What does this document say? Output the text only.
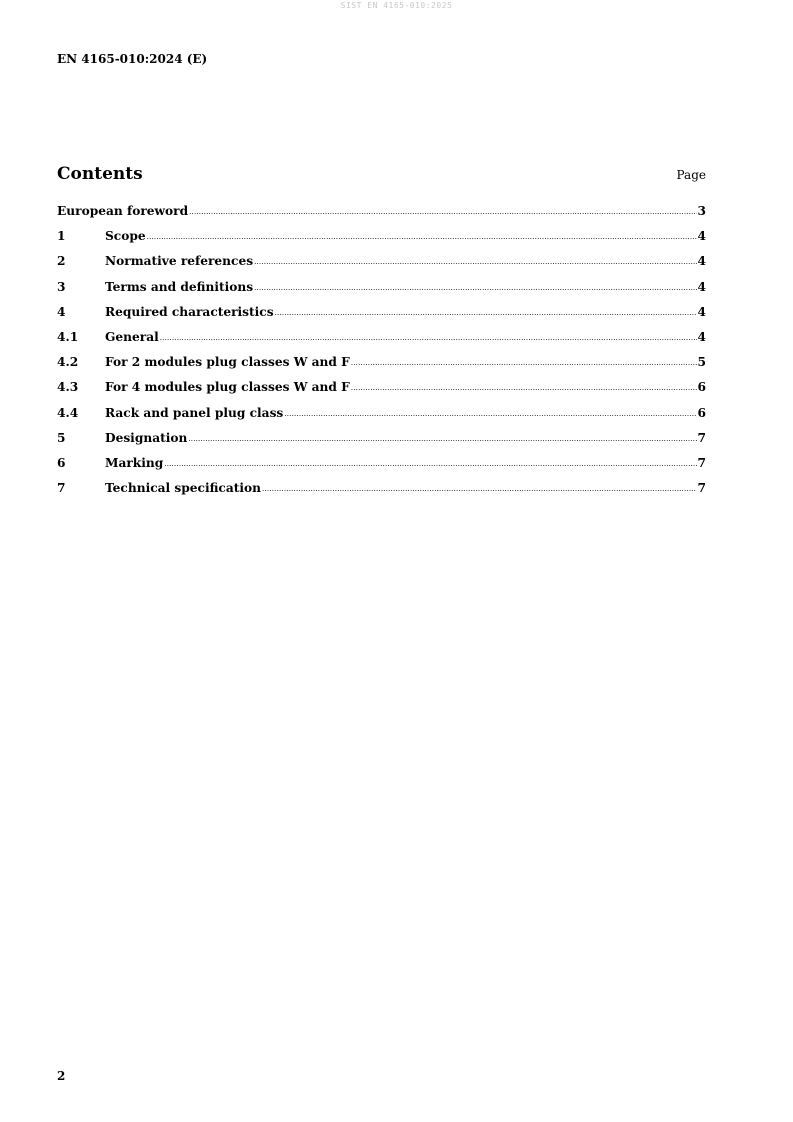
SIST EN 4165-010:2025
EN 4165-010:2024 (E)
Contents	Page
European foreword .....	3
1	Scope .....	4
2	Normative references .....	4
3	Terms and definitions .....	4
4	Required characteristics .....	4
4.1	General .....	4
4.2	For 2 modules plug classes W and F .....	5
4.3	For 4 modules plug classes W and F .....	6
4.4	Rack and panel plug class .....	6
5	Designation .....	7
6	Marking .....	7
7	Technical specification .....	7
2
